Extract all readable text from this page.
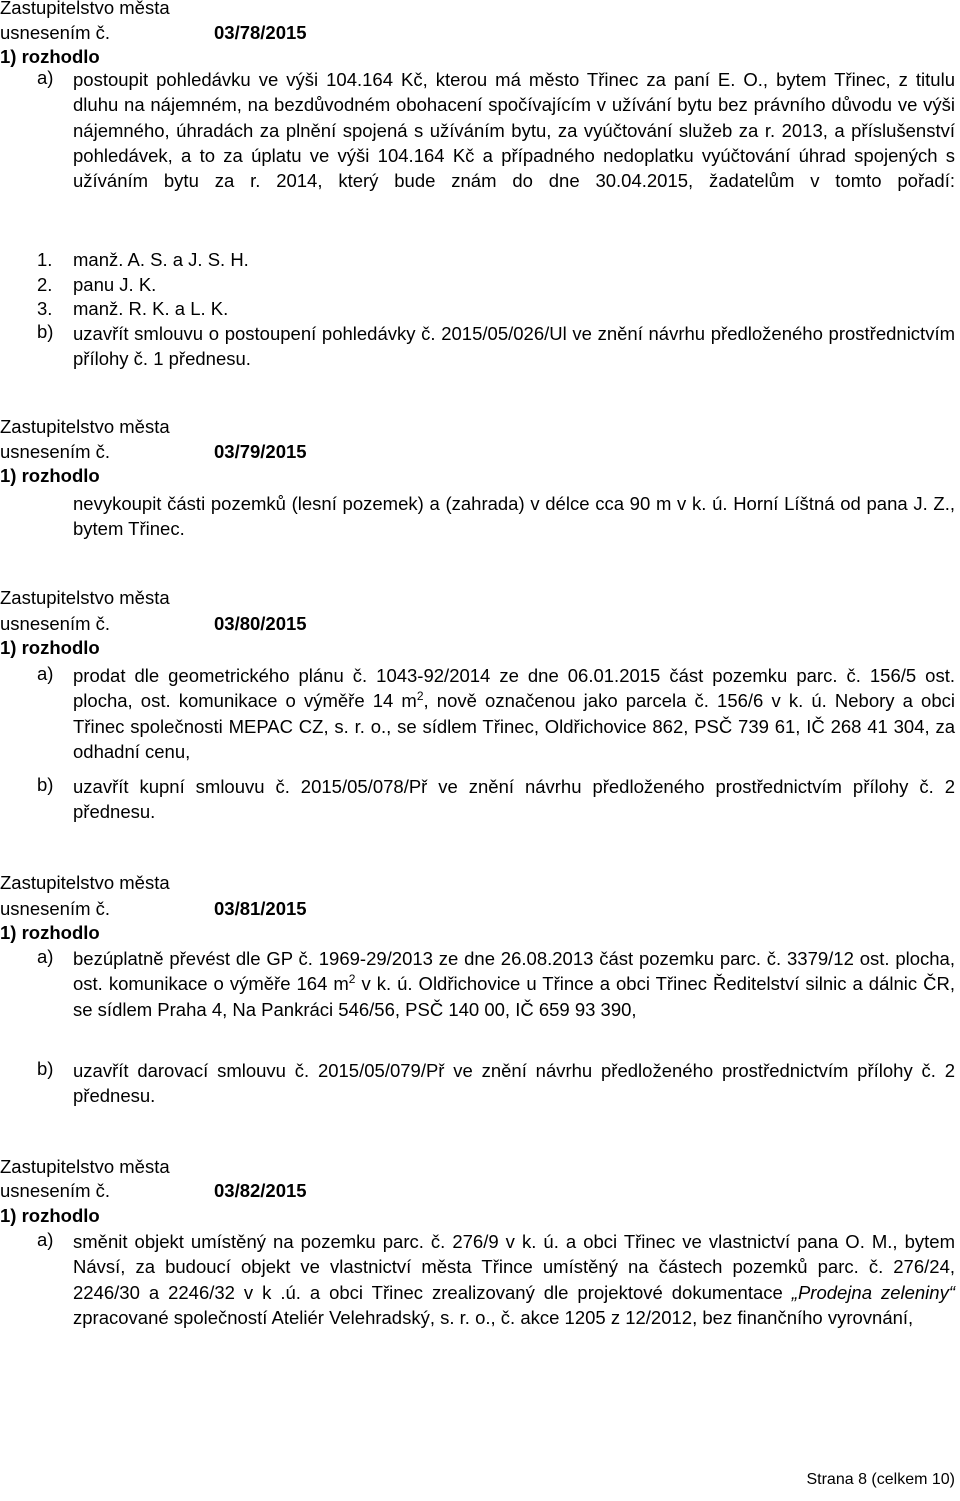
Zastupitelstvo města
usnesením č.	03/78/2015
1) rozhodlo
a) postoupit pohledávku ve výši 104.164 Kč, kterou má město Třinec za paní E. O., bytem Třinec, z titulu dluhu na nájemném, na bezdůvodném obohacení spočívajícím v užívání bytu bez právního důvodu ve výši nájemného, úhradách za plnění spojená s užíváním bytu, za vyúčtování služeb za r. 2013, a příslušenství pohledávek, a to za úplatu ve výši 104.164 Kč a případného nedoplatku vyúčtování úhrad spojených s užíváním bytu za r. 2014, který bude znám do dne 30.04.2015, žadatelům v tomto pořadí:
1. manž. A. S. a J. S. H.
2. panu J. K.
3. manž. R. K. a L. K.
b) uzavřít smlouvu o postoupení pohledávky č. 2015/05/026/Ul ve znění návrhu předloženého prostřednictvím přílohy č. 1 přednesu.
Zastupitelstvo města
usnesením č.	03/79/2015
1) rozhodlo
nevykoupit části pozemků (lesní pozemek) a (zahrada) v délce cca 90 m v k. ú. Horní Líštná od pana J. Z., bytem Třinec.
Zastupitelstvo města
usnesením č.	03/80/2015
1) rozhodlo
a) prodat dle geometrického plánu č. 1043-92/2014 ze dne 06.01.2015 část pozemku parc. č. 156/5 ost. plocha, ost. komunikace o výměře 14 $m^2$, nově označenou jako parcela č. 156/6 v k. ú. Nebory a obci Třinec společnosti MEPAC CZ, s. r. o., se sídlem Třinec, Oldřichovice 862, PSČ 739 61, IČ 268 41 304, za odhadní cenu,
b) uzavřít kupní smlouvu č. 2015/05/078/Př ve znění návrhu předloženého prostřednictvím přílohy č. 2 přednesu.
Zastupitelstvo města
usnesením č.	03/81/2015
1) rozhodlo
a) bezúplatně převést dle GP č. 1969-29/2013 ze dne 26.08.2013 část pozemku parc. č. 3379/12 ost. plocha, ost. komunikace o výměře 164 $m^2$ v k. ú. Oldřichovice u Třince a obci Třinec Ředitelství silnic a dálnic ČR, se sídlem Praha 4, Na Pankráci 546/56, PSČ 140 00, IČ 659 93 390,
b) uzavřít darovací smlouvu č. 2015/05/079/Př ve znění návrhu předloženého prostřednictvím přílohy č. 2 přednesu.
Zastupitelstvo města
usnesením č.	03/82/2015
1) rozhodlo
a) směnit objekt umístěný na pozemku parc. č. 276/9 v k. ú. a obci Třinec ve vlastnictví pana O. M., bytem Návsí, za budoucí objekt ve vlastnictví města Třince umístěný na částech pozemků parc. č. 276/24, 2246/30 a 2246/32 v k .ú. a obci Třinec zrealizovaný dle projektové dokumentace „Prodejna zeleniny“ zpracované společností Ateliér Velehradský, s. r. o., č. akce 1205 z 12/2012, bez finančního vyrovnání,
Strana 8 (celkem 10)
